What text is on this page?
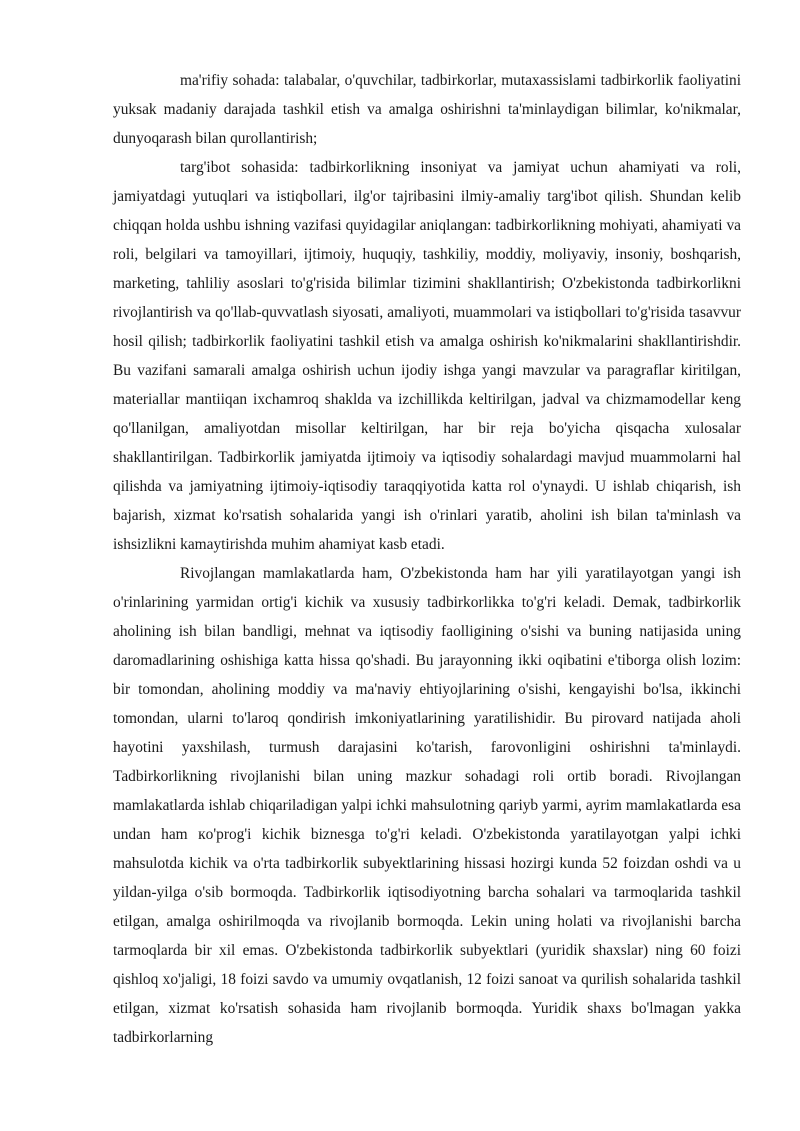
ma'rifiy sohada: talabalar, o'quvchilar, tadbirkorlar, mutaxassislami tadbirkorlik faoliyatini yuksak madaniy darajada tashkil etish va amalga oshirishni ta'minlaydigan bilimlar, ko'nikmalar, dunyoqarash bilan qurollantirish;

targ'ibot sohasida: tadbirkorlikning insoniyat va jamiyat uchun ahamiyati va roli, jamiyatdagi yutuqlari va istiqbollari, ilg'or tajribasini ilmiy-amaliy targ'ibot qilish. Shundan kelib chiqqan holda ushbu ishning vazifasi quyidagilar aniqlangan: tadbirkorlikning mohiyati, ahamiyati va roli, belgilari va tamoyillari, ijtimoiy, huquqiy, tashkiliy, moddiy, moliyaviy, insoniy, boshqarish, marketing, tahliliy asoslari to'g'risida bilimlar tizimini shakllantirish; O'zbekistonda tadbirkorlikni rivojlantirish va qo'llab-quvvatlash siyosati, amaliyoti, muammolari va istiqbollari to'g'risida tasavvur hosil qilish; tadbirkorlik faoliyatini tashkil etish va amalga oshirish ko'nikmalarini shakllantirishdir. Bu vazifani samarali amalga oshirish uchun ijodiy ishga yangi mavzular va paragraflar kiritilgan, materiallar mantiiqan ixchamroq shaklda va izchillikda keltirilgan, jadval va chizmamodellar keng qo'llanilgan, amaliyotdan misollar keltirilgan, har bir reja bo'yicha qisqacha xulosalar shakllantirilgan. Tadbirkorlik jamiyatda ijtimoiy va iqtisodiy sohalardagi mavjud muammolarni hal qilishda va jamiyatning ijtimoiy-iqtisodiy taraqqiyotida katta rol o'ynaydi. U ishlab chiqarish, ish bajarish, xizmat ko'rsatish sohalarida yangi ish o'rinlari yaratib, aholini ish bilan ta'minlash va ishsizlikni kamaytirishda muhim ahamiyat kasb etadi.

Rivojlangan mamlakatlarda ham, O'zbekistonda ham har yili yaratilayotgan yangi ish o'rinlarining yarmidan ortig'i kichik va xususiy tadbirkorlikka to'g'ri keladi. Demak, tadbirkorlik aholining ish bilan bandligi, mehnat va iqtisodiy faolligining o'sishi va buning natijasida uning daromadlarining oshishiga katta hissa qo'shadi. Bu jarayonning ikki oqibatini e'tiborga olish lozim: bir tomondan, aholining moddiy va ma'naviy ehtiyojlarining o'sishi, kengayishi bo'lsa, ikkinchi tomondan, ularni to'laroq qondirish imkoniyatlarining yaratilishidir. Bu pirovard natijada aholi hayotini yaxshilash, turmush darajasini ko'tarish, farovonligini oshirishni ta'minlaydi. Tadbirkorlikning rivojlanishi bilan uning mazkur sohadagi roli ortib boradi. Rivojlangan mamlakatlarda ishlab chiqariladigan yalpi ichki mahsulotning qariyb yarmi, ayrim mamlakatlarda esa undan ham кo'prog'i kichik biznesga to'g'ri keladi. O'zbekistonda yaratilayotgan yalpi ichki mahsulotda kichik va o'rta tadbirkorlik subyektlarining hissasi hozirgi kunda 52 foizdan oshdi va u yildan-yilga o'sib bormoqda. Tadbirkorlik iqtisodiyotning barcha sohalari va tarmoqlarida tashkil etilgan, amalga oshirilmoqda va rivojlanib bormoqda. Lekin uning holati va rivojlanishi barcha tarmoqlarda bir xil emas. O'zbekistonda tadbirkorlik subyektlari (yuridik shaxslar) ning 60 foizi qishloq xo'jaligi, 18 foizi savdo va umumiy ovqatlanish, 12 foizi sanoat va qurilish sohalarida tashkil etilgan, xizmat ko'rsatish sohasida ham rivojlanib bormoqda. Yuridik shaxs bo'lmagan yakka tadbirkorlarning
